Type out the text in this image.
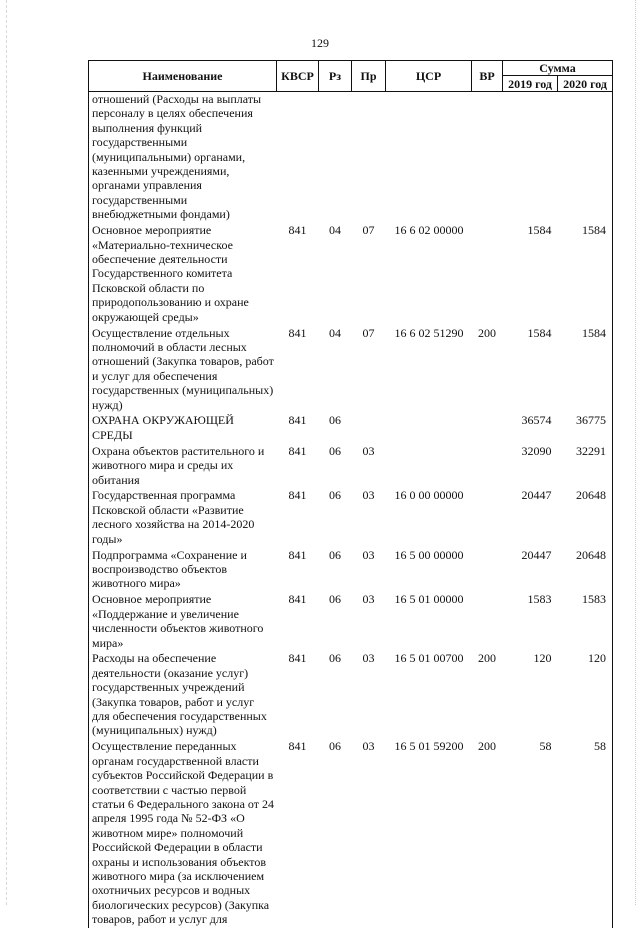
129
Наименование	КВСР	Рз	Пр	ЦСР	ВР	Сумма	
						2019 год	2020 год
отношений (Расходы на выплаты персоналу в целях обеспечения выполнения функций государственными (муниципальными) органами, казенными учреждениями, органами управления государственными внебюджетными фондами)							
Основное мероприятие «Материально-техническое обеспечение деятельности Государственного комитета Псковской области по природопользованию и охране окружающей среды»	841	04	07	16 6 02 00000		1584	1584
Осуществление отдельных полномочий в области лесных отношений (Закупка товаров, работ и услуг для обеспечения государственных (муниципальных) нужд)	841	04	07	16 6 02 51290	200	1584	1584
ОХРАНА ОКРУЖАЮЩЕЙ СРЕДЫ	841	06				36574	36775
Охрана объектов растительного и животного мира и среды их обитания	841	06	03			32090	32291
Государственная программа Псковской области «Развитие лесного хозяйства на 2014-2020 годы»	841	06	03	16 0 00 00000		20447	20648
Подпрограмма «Сохранение и воспроизводство объектов животного мира»	841	06	03	16 5 00 00000		20447	20648
Основное мероприятие «Поддержание и увеличение численности объектов животного мира»	841	06	03	16 5 01 00000		1583	1583
Расходы на обеспечение деятельности (оказание услуг) государственных учреждений (Закупка товаров, работ и услуг для обеспечения государственных (муниципальных) нужд)	841	06	03	16 5 01 00700	200	120	120
Осуществление переданных органам государственной власти субъектов Российской Федерации в соответствии с частью первой статьи 6 Федерального закона от 24 апреля 1995 года № 52-ФЗ «О животном мире» полномочий Российской Федерации в области охраны и использования объектов животного мира (за исключением охотничьих ресурсов и водных биологических ресурсов) (Закупка товаров, работ и услуг для	841	06	03	16 5 01 59200	200	58	58
